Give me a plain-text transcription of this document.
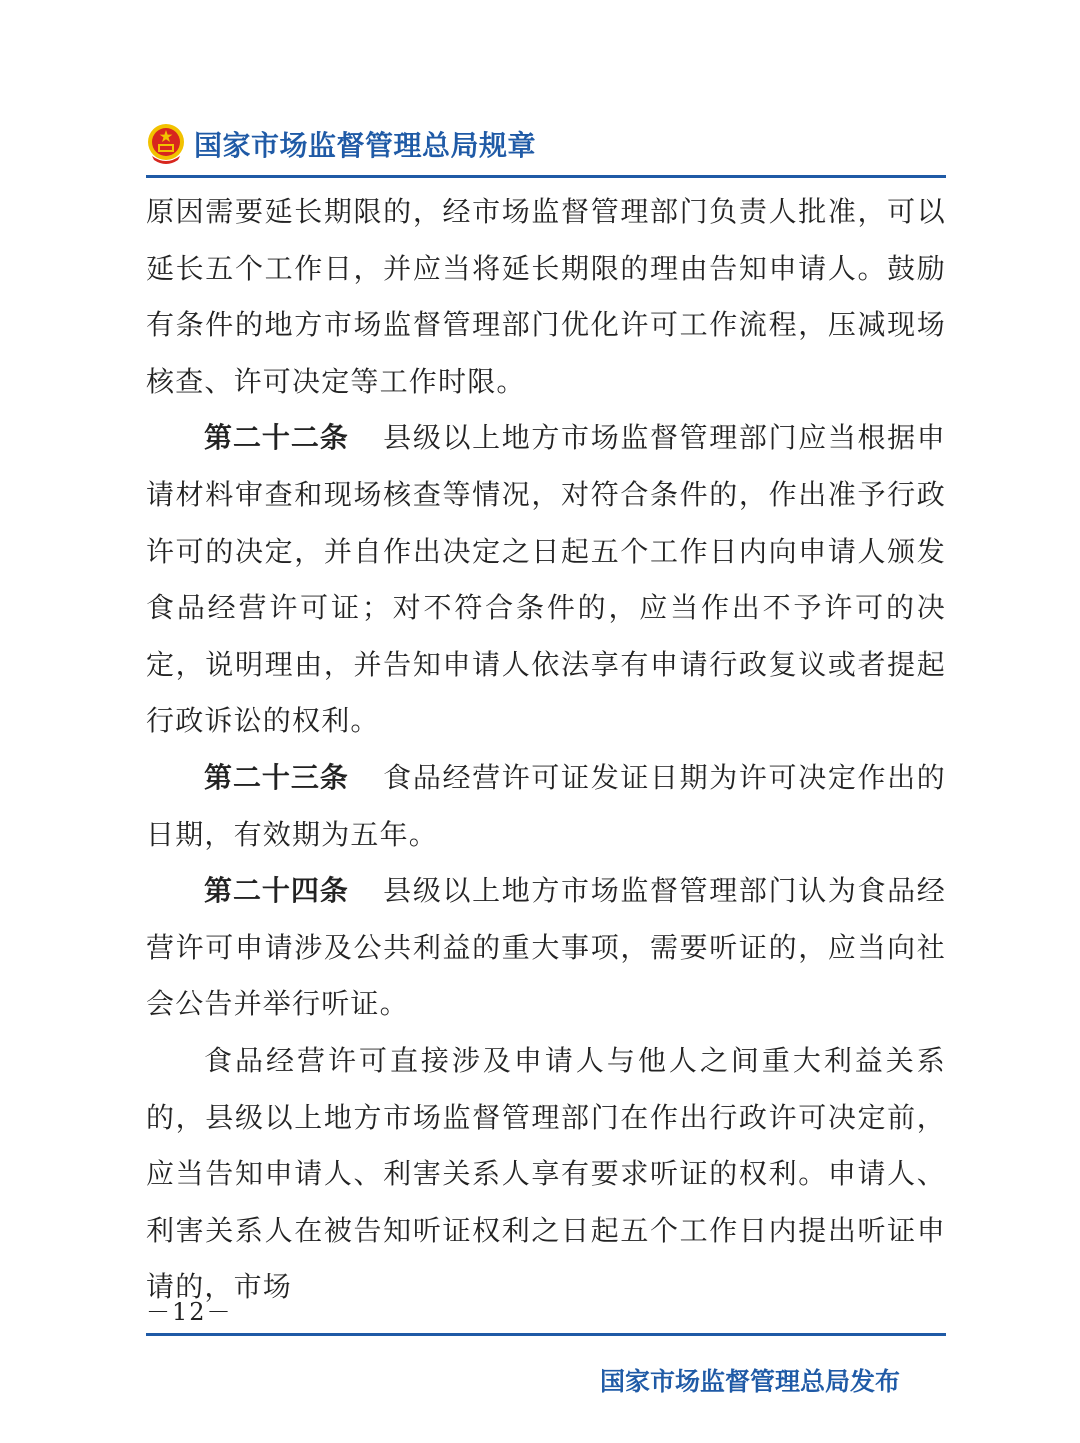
国家市场监督管理总局规章

原因需要延长期限的，经市场监督管理部门负责人批准，可以延长五个工作日，并应当将延长期限的理由告知申请人。鼓励有条件的地方市场监督管理部门优化许可工作流程，压减现场核查、许可决定等工作时限。

第二十二条 县级以上地方市场监督管理部门应当根据申请材料审查和现场核查等情况，对符合条件的，作出准予行政许可的决定，并自作出决定之日起五个工作日内向申请人颁发食品经营许可证；对不符合条件的，应当作出不予许可的决定，说明理由，并告知申请人依法享有申请行政复议或者提起行政诉讼的权利。

第二十三条 食品经营许可证发证日期为许可决定作出的日期，有效期为五年。

第二十四条 县级以上地方市场监督管理部门认为食品经营许可申请涉及公共利益的重大事项，需要听证的，应当向社会公告并举行听证。

食品经营许可直接涉及申请人与他人之间重大利益关系的，县级以上地方市场监督管理部门在作出行政许可决定前，应当告知申请人、利害关系人享有要求听证的权利。申请人、利害关系人在被告知听证权利之日起五个工作日内提出听证申请的，市场

－12－
国家市场监督管理总局发布
